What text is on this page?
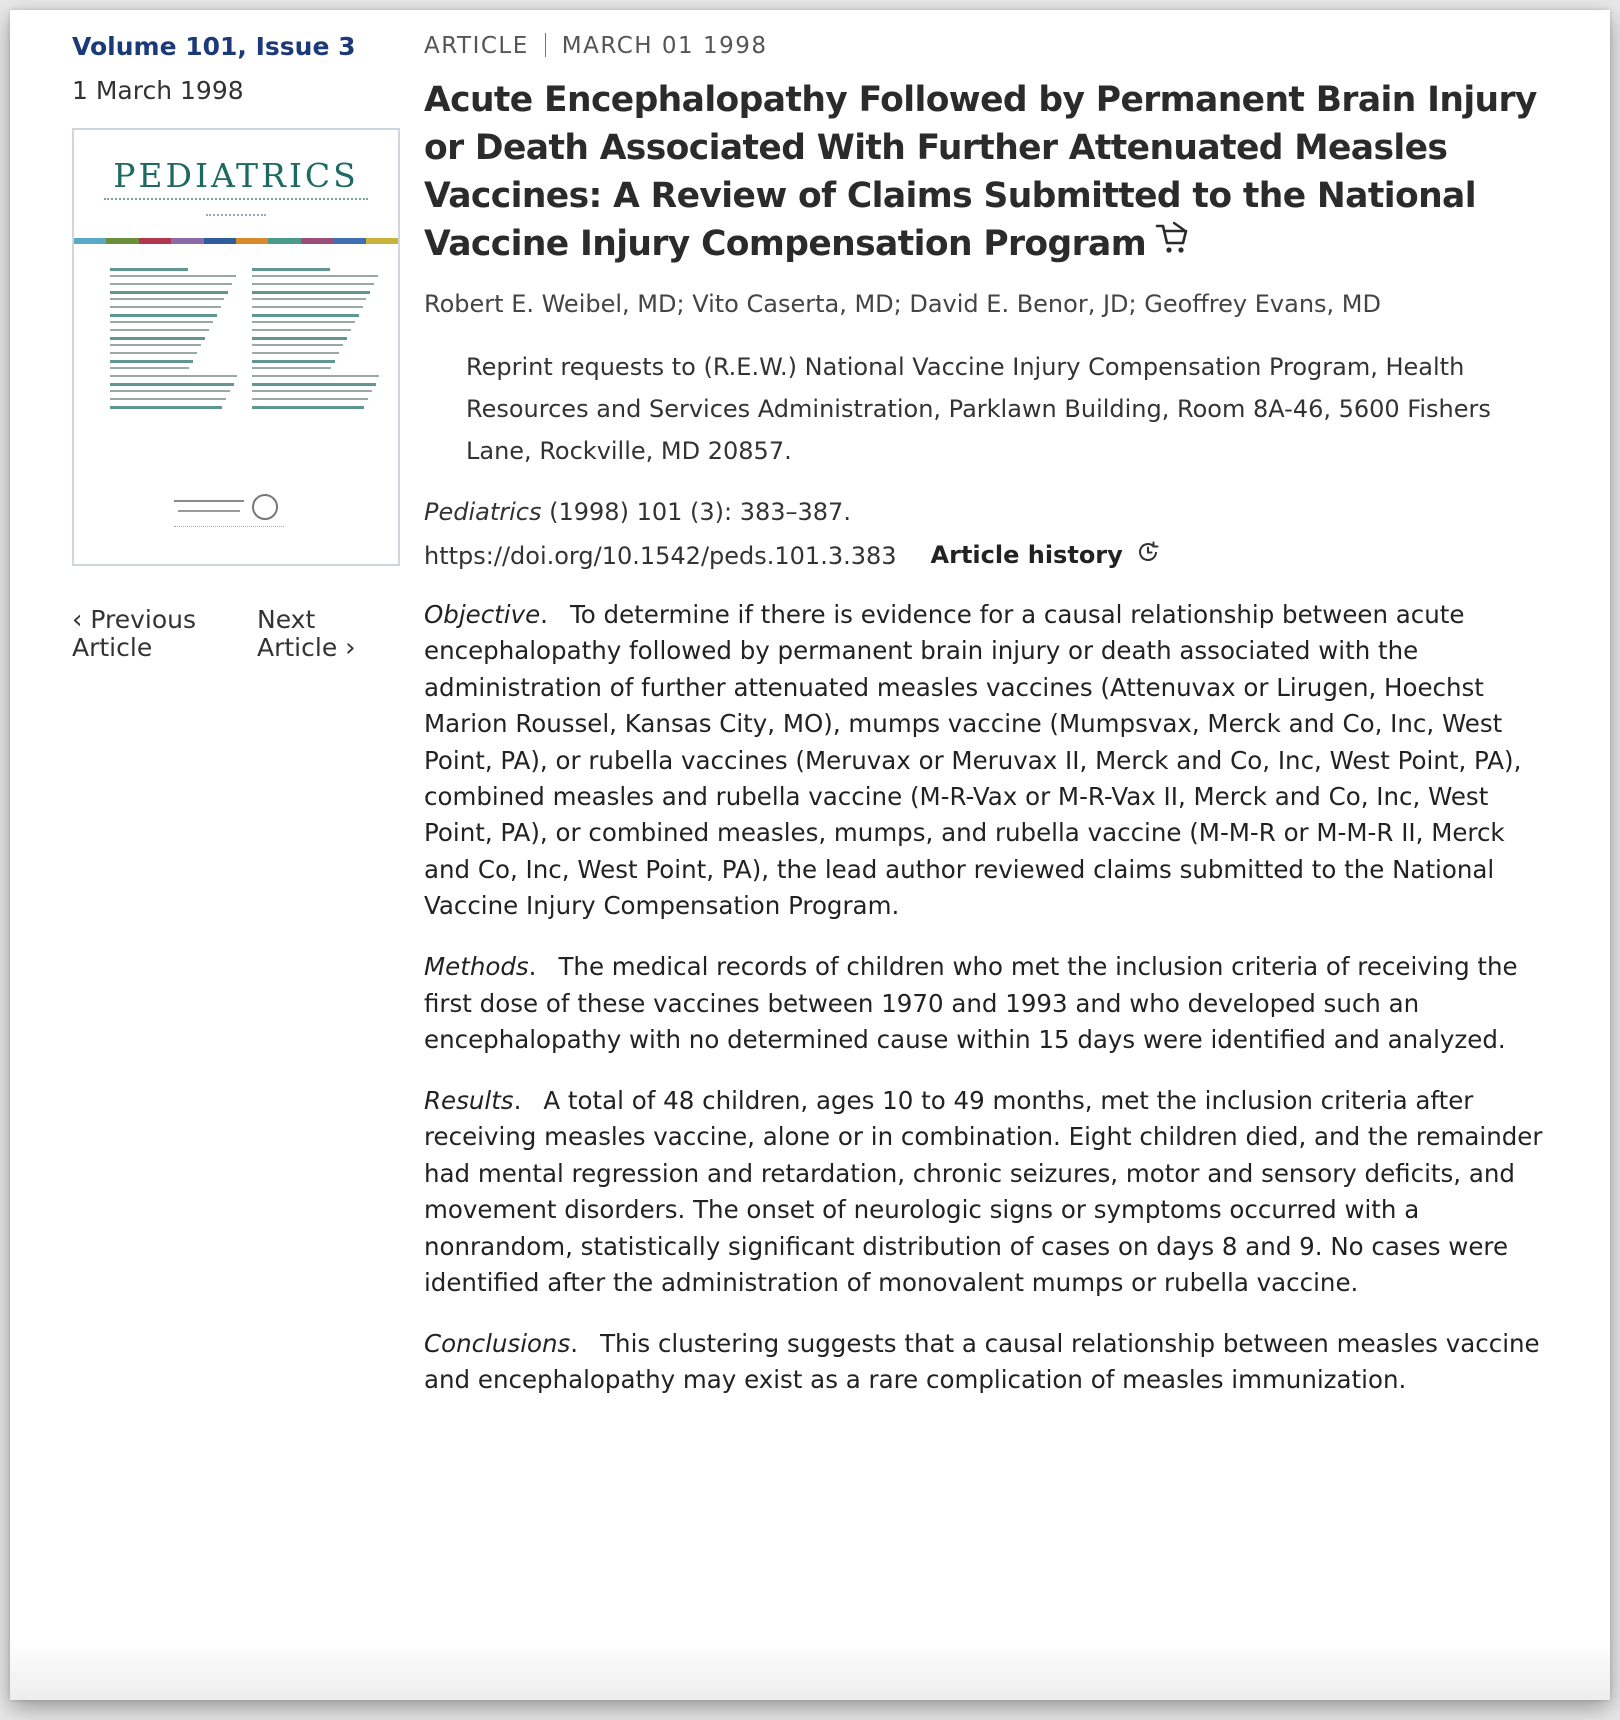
Volume 101, Issue 3
1 March 1998
PEDIATRICS
‹ Previous
Article
Next
Article ›
ARTICLE MARCH 01 1998
Acute Encephalopathy Followed by Permanent Brain Injury or Death Associated With Further Attenuated Measles Vaccines: A Review of Claims Submitted to the National Vaccine Injury Compensation Program
Robert E. Weibel, MD; Vito Caserta, MD; David E. Benor, JD; Geoffrey Evans, MD
Reprint requests to (R.E.W.) National Vaccine Injury Compensation Program, Health Resources and Services Administration, Parklawn Building, Room 8A-46, 5600 Fishers Lane, Rockville, MD 20857.
Pediatrics (1998) 101 (3): 383–387.
https://doi.org/10.1542/peds.101.3.383 Article history

Objective. To determine if there is evidence for a causal relationship between acute encephalopathy followed by permanent brain injury or death associated with the administration of further attenuated measles vaccines (Attenuvax or Lirugen, Hoechst Marion Roussel, Kansas City, MO), mumps vaccine (Mumpsvax, Merck and Co, Inc, West Point, PA), or rubella vaccines (Meruvax or Meruvax II, Merck and Co, Inc, West Point, PA), combined measles and rubella vaccine (M-R-Vax or M-R-Vax II, Merck and Co, Inc, West Point, PA), or combined measles, mumps, and rubella vaccine (M-M-R or M-M-R II, Merck and Co, Inc, West Point, PA), the lead author reviewed claims submitted to the National Vaccine Injury Compensation Program.

Methods. The medical records of children who met the inclusion criteria of receiving the first dose of these vaccines between 1970 and 1993 and who developed such an encephalopathy with no determined cause within 15 days were identified and analyzed.

Results. A total of 48 children, ages 10 to 49 months, met the inclusion criteria after receiving measles vaccine, alone or in combination. Eight children died, and the remainder had mental regression and retardation, chronic seizures, motor and sensory deficits, and movement disorders. The onset of neurologic signs or symptoms occurred with a nonrandom, statistically significant distribution of cases on days 8 and 9. No cases were identified after the administration of monovalent mumps or rubella vaccine.

Conclusions. This clustering suggests that a causal relationship between measles vaccine and encephalopathy may exist as a rare complication of measles immunization.
